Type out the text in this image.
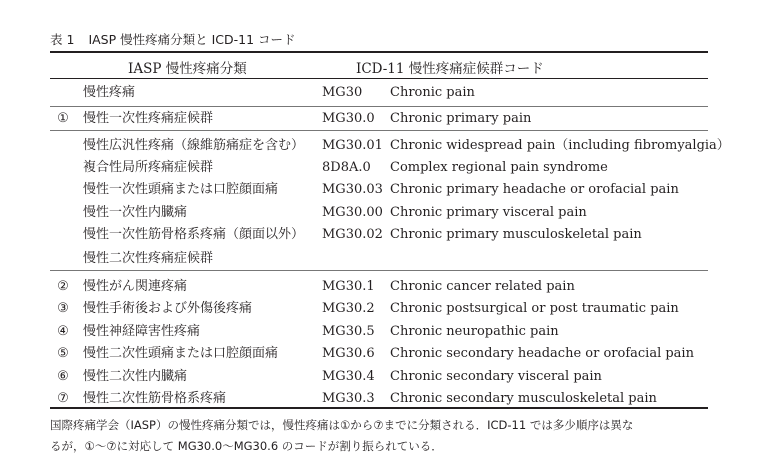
表 1 IASP 慢性疼痛分類と ICD-11 コード
IASP 慢性疼痛分類	ICD-11 慢性疼痛症候群コード
慢性疼痛	MG30 Chronic pain
①	慢性一次性疼痛症候群	MG30.0 Chronic primary pain
慢性広汎性疼痛（線維筋痛症を含む） MG30.01 Chronic widespread pain（including fibromyalgia）
複合性局所疼痛症候群	8D8A.0 Complex regional pain syndrome
慢性一次性頭痛または口腔顔面痛	MG30.03 Chronic primary headache or orofacial pain
慢性一次性内臓痛	MG30.00 Chronic primary visceral pain
慢性一次性筋骨格系疼痛（顔面以外） MG30.02 Chronic primary musculoskeletal pain
慢性二次性疼痛症候群
②	慢性がん関連疼痛	MG30.1 Chronic cancer related pain
③	慢性手術後および外傷後疼痛	MG30.2 Chronic postsurgical or post traumatic pain
④	慢性神経障害性疼痛	MG30.5 Chronic neuropathic pain
⑤	慢性二次性頭痛または口腔顔面痛	MG30.6 Chronic secondary headache or orofacial pain
⑥	慢性二次性内臓痛	MG30.4 Chronic secondary visceral pain
⑦	慢性二次性筋骨格系疼痛	MG30.3 Chronic secondary musculoskeletal pain
国際疼痛学会（IASP）の慢性疼痛分類では，慢性疼痛は①から⑦までに分類される．ICD-11 では多少順序は異な
るが，①〜⑦に対応して MG30.0〜MG30.6 のコードが割り振られている．
